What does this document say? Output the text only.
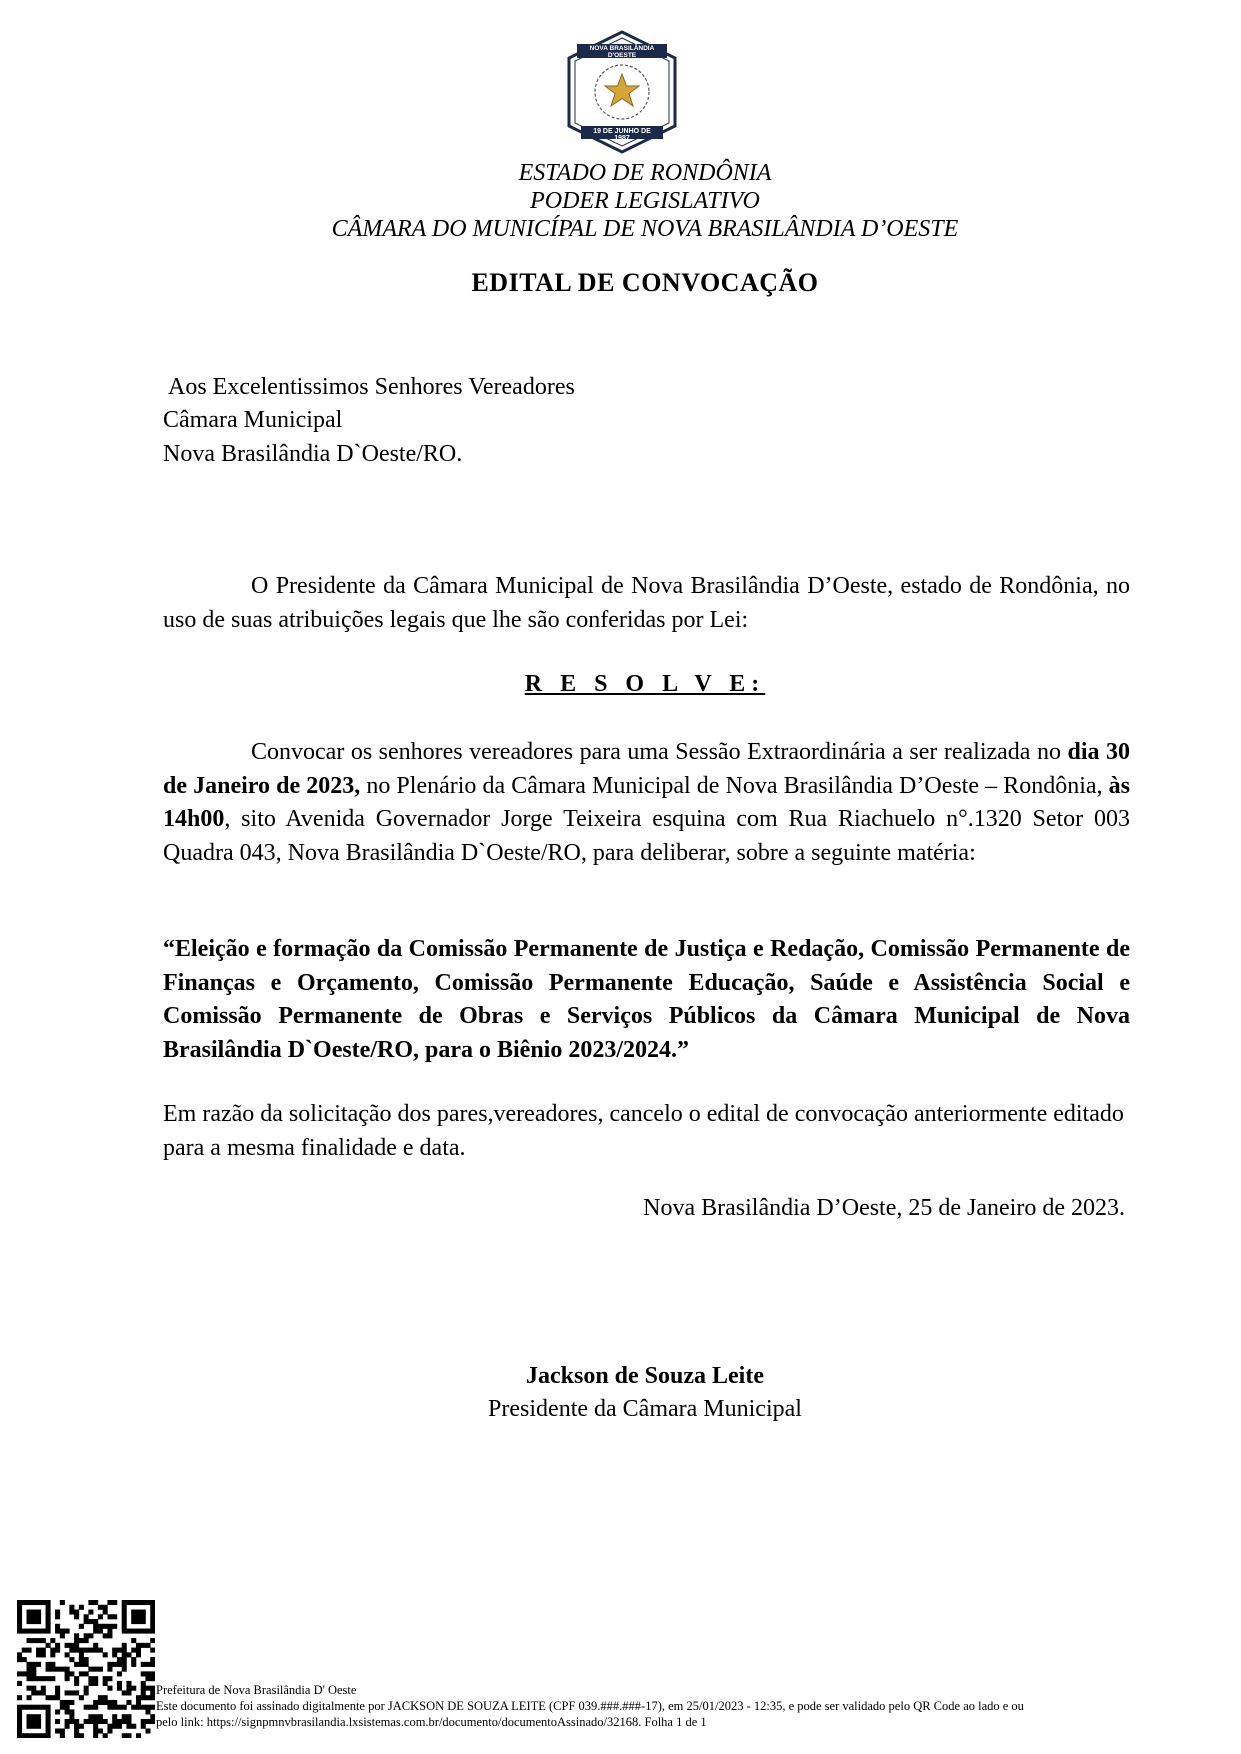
NOVA BRASILÂNDIA D'OESTE
19 DE JUNHO DE 1987
ESTADO DE RONDÔNIA
PODER LEGISLATIVO
CÂMARA DO MUNICÍPAL DE NOVA BRASILÂNDIA D’OESTE
EDITAL DE CONVOCAÇÃO
Aos Excelentissimos Senhores Vereadores
Câmara Municipal
Nova Brasilândia D`Oeste/RO.
O Presidente da Câmara Municipal de Nova Brasilândia D’Oeste, estado de Rondônia, no uso de suas atribuições legais que lhe são conferidas por Lei:
R E S O L V E:
Convocar os senhores vereadores para uma Sessão Extraordinária a ser realizada no dia 30 de Janeiro de 2023, no Plenário da Câmara Municipal de Nova Brasilândia D’Oeste – Rondônia, às 14h00, sito Avenida Governador Jorge Teixeira esquina com Rua Riachuelo n°.1320 Setor 003 Quadra 043, Nova Brasilândia D`Oeste/RO, para deliberar, sobre a seguinte matéria:
“Eleição e formação da Comissão Permanente de Justiça e Redação, Comissão Permanente de Finanças e Orçamento, Comissão Permanente Educação, Saúde e Assistência Social e Comissão Permanente de Obras e Serviços Públicos da Câmara Municipal de Nova Brasilândia D`Oeste/RO, para o Biênio 2023/2024.”
Em razão da solicitação dos pares,vereadores, cancelo o edital de convocação anteriormente editado para a mesma finalidade e data.
Nova Brasilândia D’Oeste, 25 de Janeiro de 2023.
Jackson de Souza Leite
Presidente da Câmara Municipal
Prefeitura de Nova Brasilândia D' Oeste
Este documento foi assinado digitalmente por JACKSON DE SOUZA LEITE (CPF 039.###.###-17), em 25/01/2023 - 12:35, e pode ser validado pelo QR Code ao lado e ou
pelo link: https://signpmnvbrasilandia.lxsistemas.com.br/documento/documentoAssinado/32168. Folha 1 de 1
